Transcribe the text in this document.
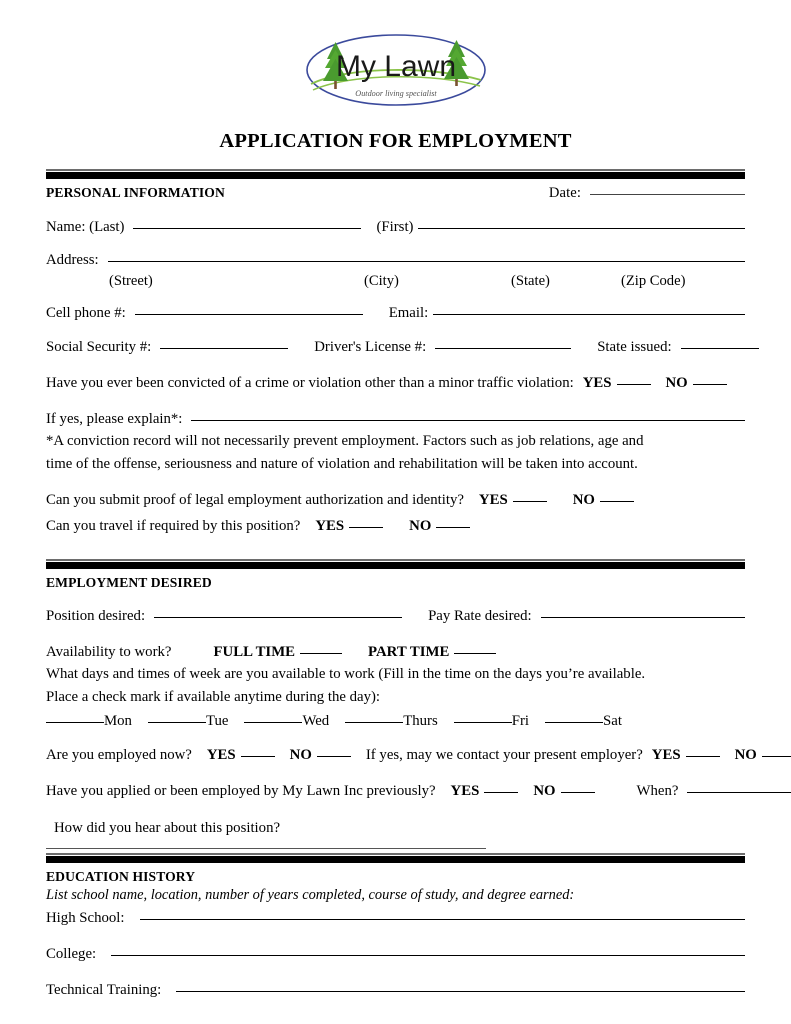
My Lawn
Outdoor living specialist
APPLICATION FOR EMPLOYMENT
PERSONAL INFORMATION	Date:
Name: (Last)	(First)
Address:
(Street)	(City)	(State)	(Zip Code)
Cell phone #:	Email:
Social Security #:	Driver's License #:	State issued:
Have you ever been convicted of a crime or violation other than a minor traffic violation: YES	NO
If yes, please explain*:
*A conviction record will not necessarily prevent employment. Factors such as job relations, age and
time of the offense, seriousness and nature of violation and rehabilitation will be taken into account.
Can you submit proof of legal employment authorization and identity? YES	NO
Can you travel if required by this position? YES	NO
EMPLOYMENT DESIRED
Position desired:	Pay Rate desired:
Availability to work?	FULL TIME	PART TIME
What days and times of week are you available to work (Fill in the time on the days you’re available.
Place a check mark if available anytime during the day):
Mon	Tue	Wed	Thurs	Fri	Sat
Are you employed now? YES	NO	If yes, may we contact your present employer? YES	NO
Have you applied or been employed by My Lawn Inc previously? YES	NO	When?
How did you hear about this position?
EDUCATION HISTORY
List school name, location, number of years completed, course of study, and degree earned:
High School:
College:
Technical Training:
